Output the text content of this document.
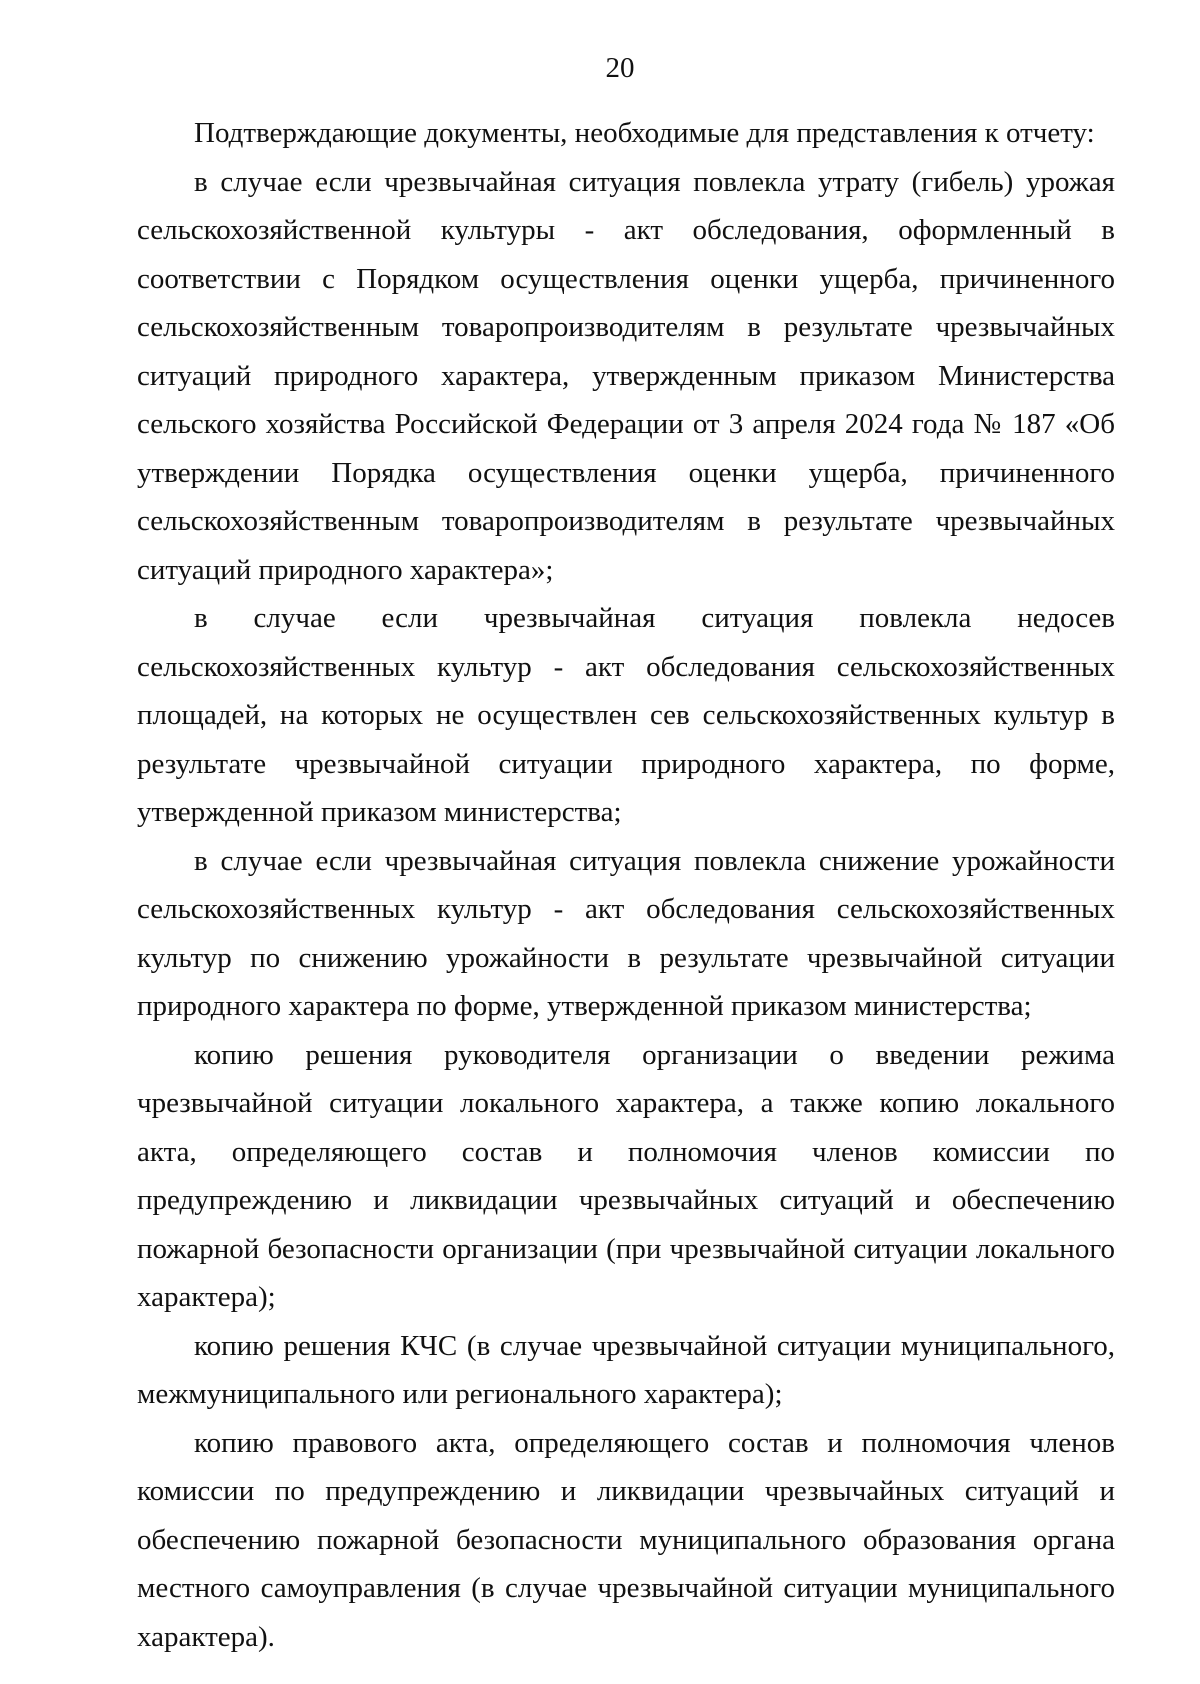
20

Подтверждающие документы, необходимые для представления к отчету:

в случае если чрезвычайная ситуация повлекла утрату (гибель) урожая сельскохозяйственной культуры - акт обследования, оформленный в соответствии с Порядком осуществления оценки ущерба, причиненного сельскохозяйственным товаропроизводителям в результате чрезвычайных ситуаций природного характера, утвержденным приказом Министерства сельского хозяйства Российской Федерации от 3 апреля 2024 года № 187 «Об утверждении Порядка осуществления оценки ущерба, причиненного сельскохозяйственным товаропроизводителям в результате чрезвычайных ситуаций природного характера»;

в случае если чрезвычайная ситуация повлекла недосев сельскохозяйственных культур - акт обследования сельскохозяйственных площадей, на которых не осуществлен сев сельскохозяйственных культур в результате чрезвычайной ситуации природного характера, по форме, утвержденной приказом министерства;

в случае если чрезвычайная ситуация повлекла снижение урожайности сельскохозяйственных культур - акт обследования сельскохозяйственных культур по снижению урожайности в результате чрезвычайной ситуации природного характера по форме, утвержденной приказом министерства;

копию решения руководителя организации о введении режима чрезвычайной ситуации локального характера, а также копию локального акта, определяющего состав и полномочия членов комиссии по предупреждению и ликвидации чрезвычайных ситуаций и обеспечению пожарной безопасности организации (при чрезвычайной ситуации локального характера);

копию решения КЧС (в случае чрезвычайной ситуации муниципального, межмуниципального или регионального характера);

копию правового акта, определяющего состав и полномочия членов комиссии по предупреждению и ликвидации чрезвычайных ситуаций и обеспечению пожарной безопасности муниципального образования органа местного самоуправления (в случае чрезвычайной ситуации муниципального характера).
